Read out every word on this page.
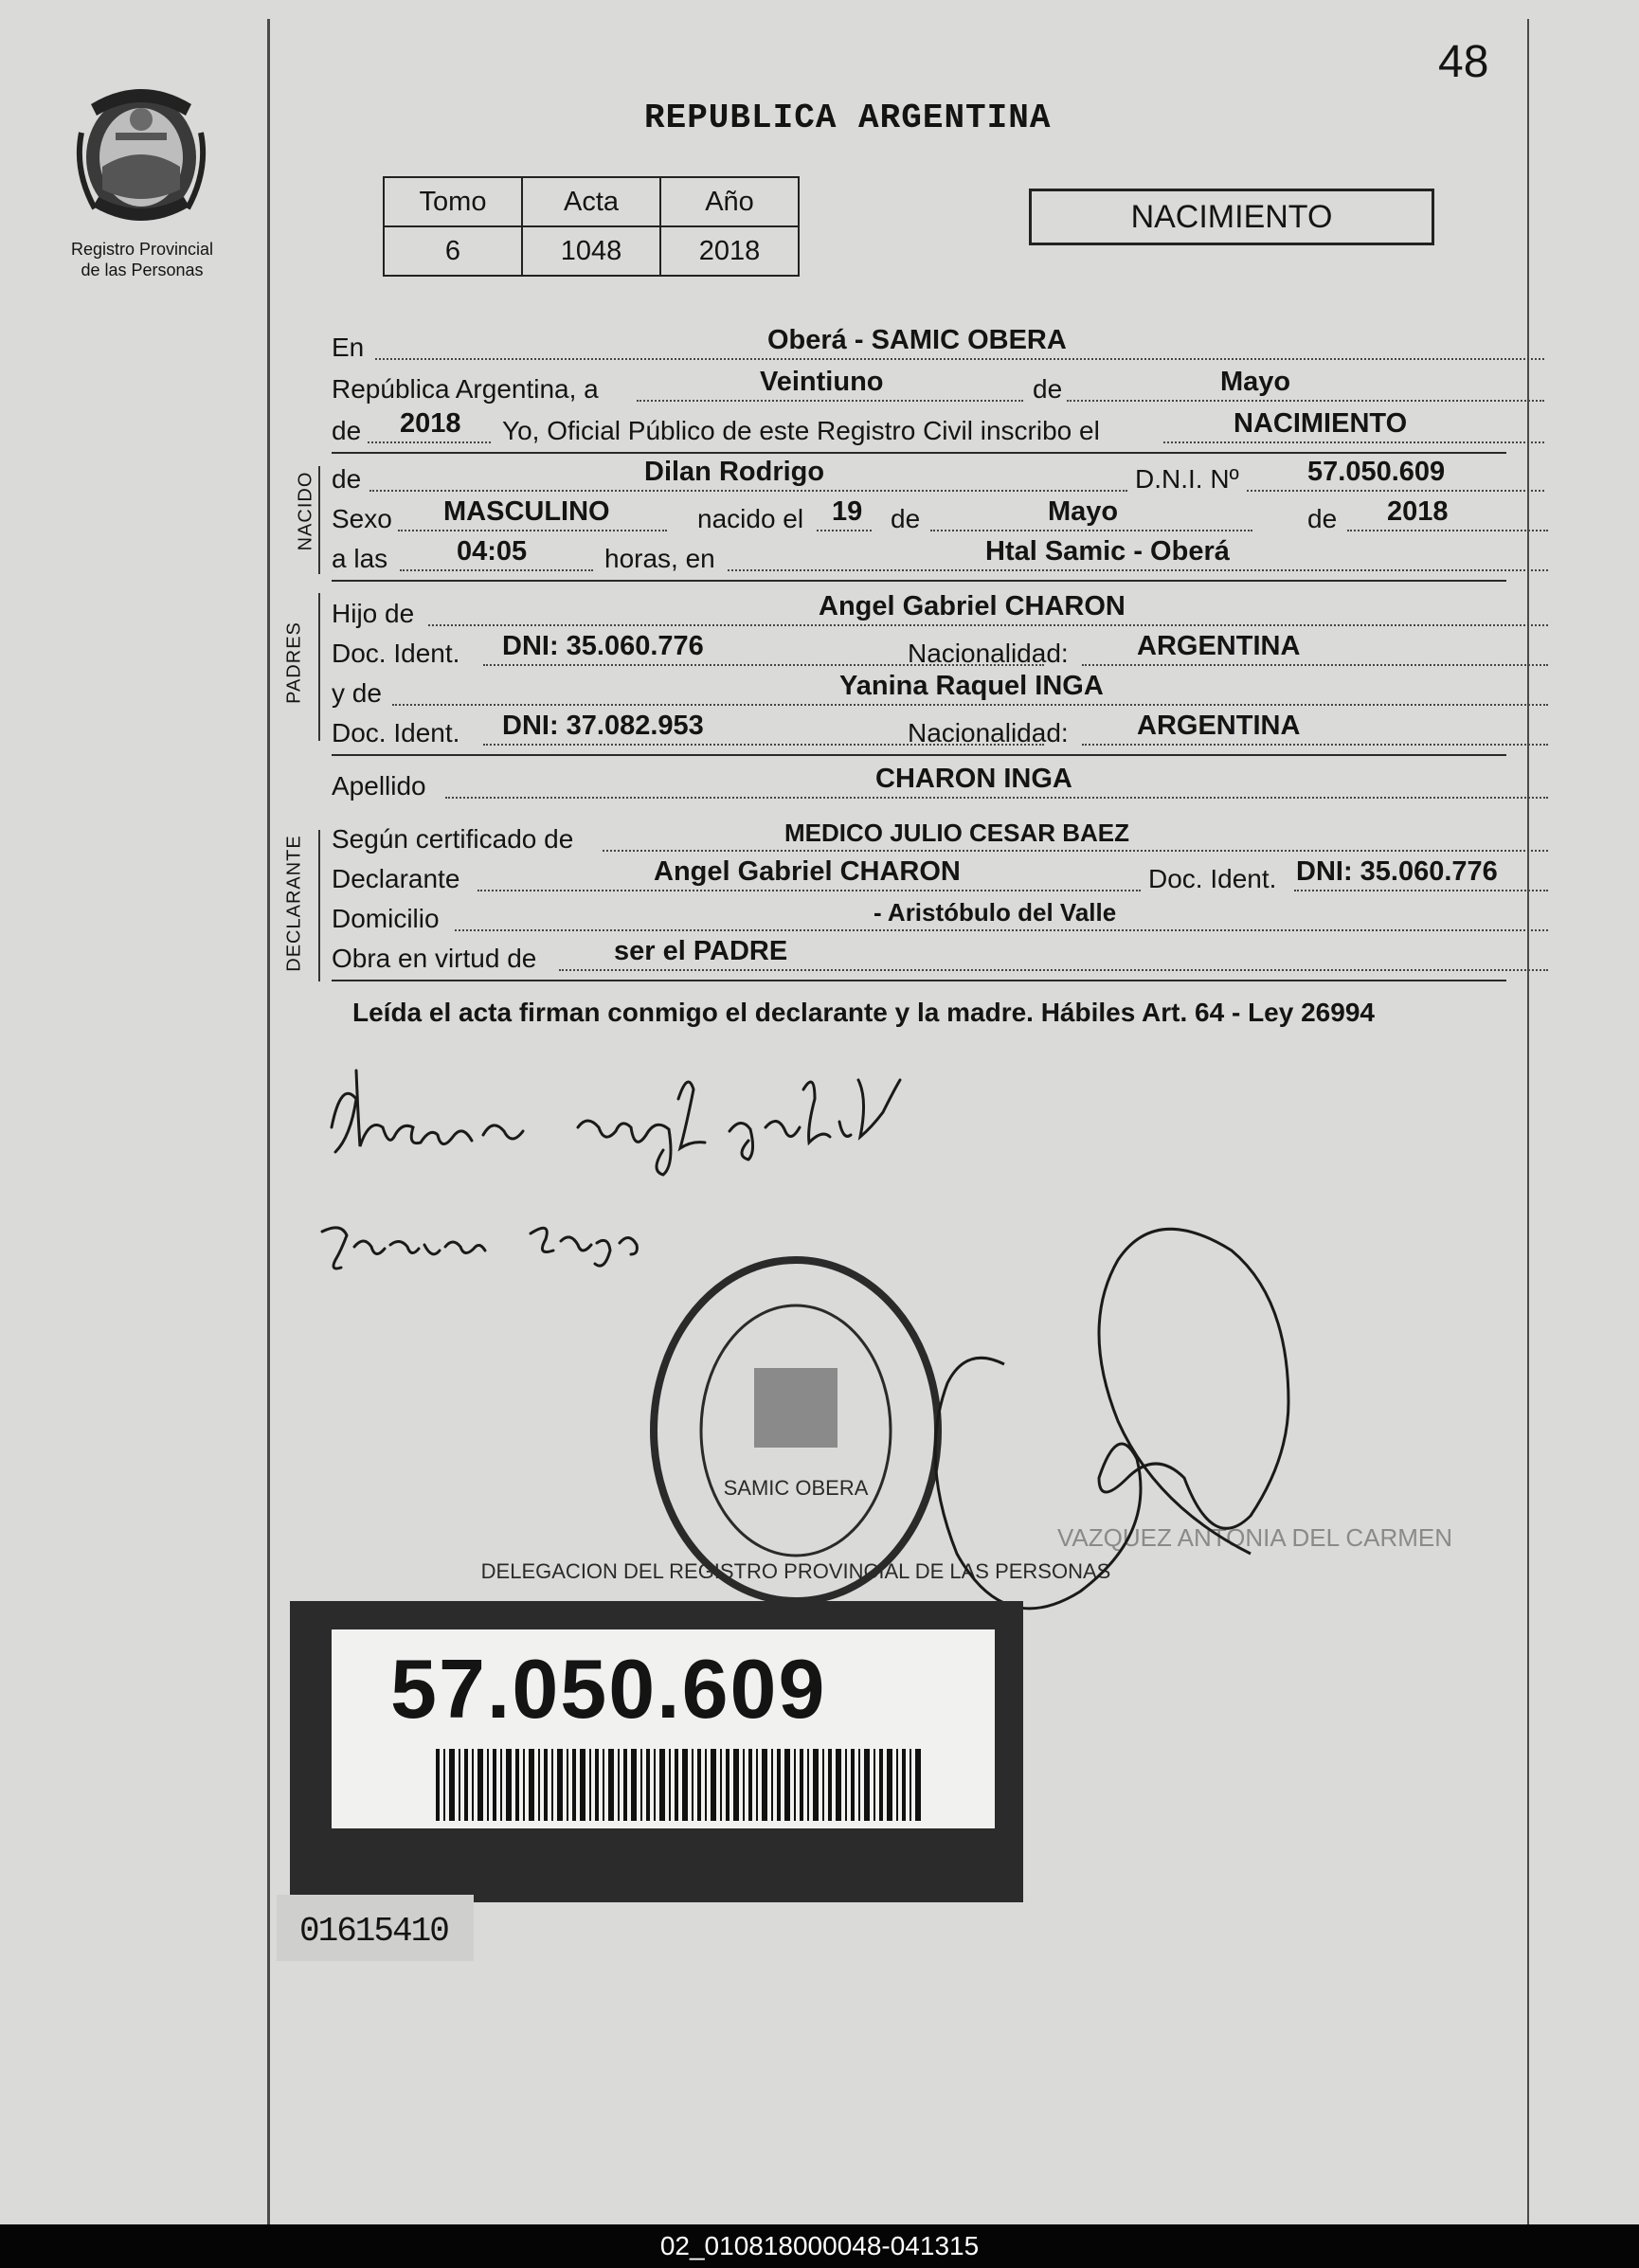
48
REPUBLICA ARGENTINA
Registro Provincial
de las Personas
Tomo	Acta	Año
6	1048	2018
NACIMIENTO
En	Oberá - SAMIC OBERA
República Argentina, a	Veintiuno	de	Mayo
de 2018 Yo, Oficial Público de este Registro Civil inscribo el	NACIMIENTO
NACIDO de	Dilan Rodrigo	D.N.I. Nº 57.050.609
Sexo MASCULINO	nacido el 19 de	Mayo	de 2018
a las	04:05	horas, en	Htal Samic - Oberá
PADRES
Hijo de	Angel Gabriel CHARON
Doc. Ident. DNI: 35.060.776	Nacionalidad: ARGENTINA
y de	Yanina Raquel INGA
Doc. Ident. DNI: 37.082.953	Nacionalidad: ARGENTINA
Apellido	CHARON INGA
DECLARANTE Según certificado de	MEDICO JULIO CESAR BAEZ
Declarante	Angel Gabriel CHARON	Doc. Ident. DNI: 35.060.776
Domicilio	- Aristóbulo del Valle
Obra en virtud de	ser el PADRE
Leída el acta firman conmigo el declarante y la madre. Hábiles Art. 64 - Ley 26994
DELEGACION DEL REGISTRO PROVINCIAL DE LAS PERSONAS
SAMIC OBERA
VAZQUEZ ANTONIA DEL CARMEN
57.050.609
01615410
02_010818000048-041315
